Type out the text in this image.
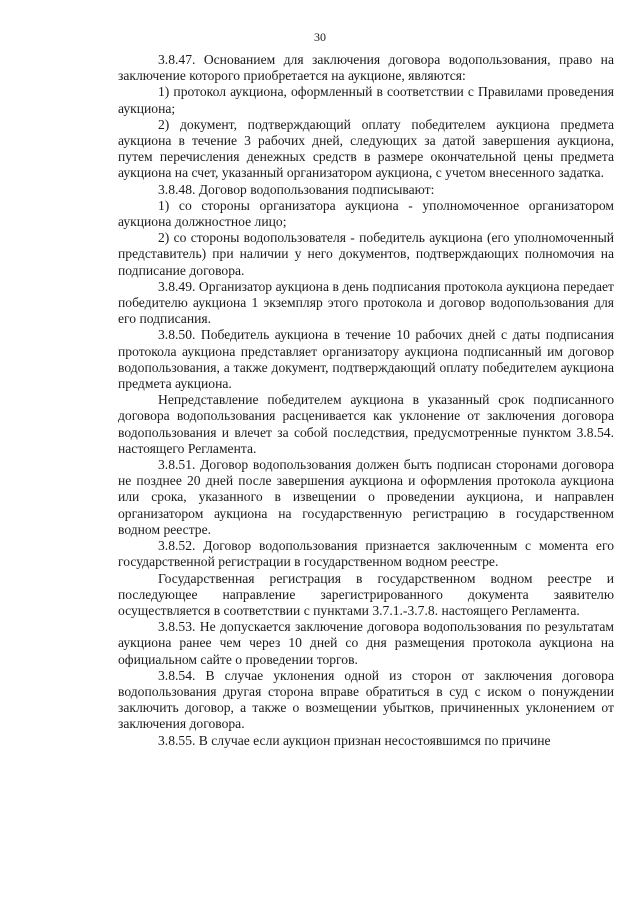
30

3.8.47. Основанием для заключения договора водопользования, право на заключение которого приобретается на аукционе, являются:

1) протокол аукциона, оформленный в соответствии с Правилами проведения аукциона;

2) документ, подтверждающий оплату победителем аукциона предмета аукциона в течение 3 рабочих дней, следующих за датой завершения аукциона, путем перечисления денежных средств в размере окончательной цены предмета аукциона на счет, указанный организатором аукциона, с учетом внесенного задатка.

3.8.48. Договор водопользования подписывают:

1) со стороны организатора аукциона - уполномоченное организатором аукциона должностное лицо;

2) со стороны водопользователя - победитель аукциона (его уполномоченный представитель) при наличии у него документов, подтверждающих полномочия на подписание договора.

3.8.49. Организатор аукциона в день подписания протокола аукциона передает победителю аукциона 1 экземпляр этого протокола и договор водопользования для его подписания.

3.8.50. Победитель аукциона в течение 10 рабочих дней с даты подписания протокола аукциона представляет организатору аукциона подписанный им договор водопользования, а также документ, подтверждающий оплату победителем аукциона предмета аукциона.

Непредставление победителем аукциона в указанный срок подписанного договора водопользования расценивается как уклонение от заключения договора водопользования и влечет за собой последствия, предусмотренные пунктом 3.8.54. настоящего Регламента.

3.8.51. Договор водопользования должен быть подписан сторонами договора не позднее 20 дней после завершения аукциона и оформления протокола аукциона или срока, указанного в извещении о проведении аукциона, и направлен организатором аукциона на государственную регистрацию в государственном водном реестре.

3.8.52. Договор водопользования признается заключенным с момента его государственной регистрации в государственном водном реестре.

Государственная регистрация в государственном водном реестре и последующее направление зарегистрированного документа заявителю осуществляется в соответствии с пунктами 3.7.1.-3.7.8. настоящего Регламента.

3.8.53. Не допускается заключение договора водопользования по результатам аукциона ранее чем через 10 дней со дня размещения протокола аукциона на официальном сайте о проведении торгов.

3.8.54. В случае уклонения одной из сторон от заключения договора водопользования другая сторона вправе обратиться в суд с иском о понуждении заключить договор, а также о возмещении убытков, причиненных уклонением от заключения договора.

3.8.55. В случае если аукцион признан несостоявшимся по причине
